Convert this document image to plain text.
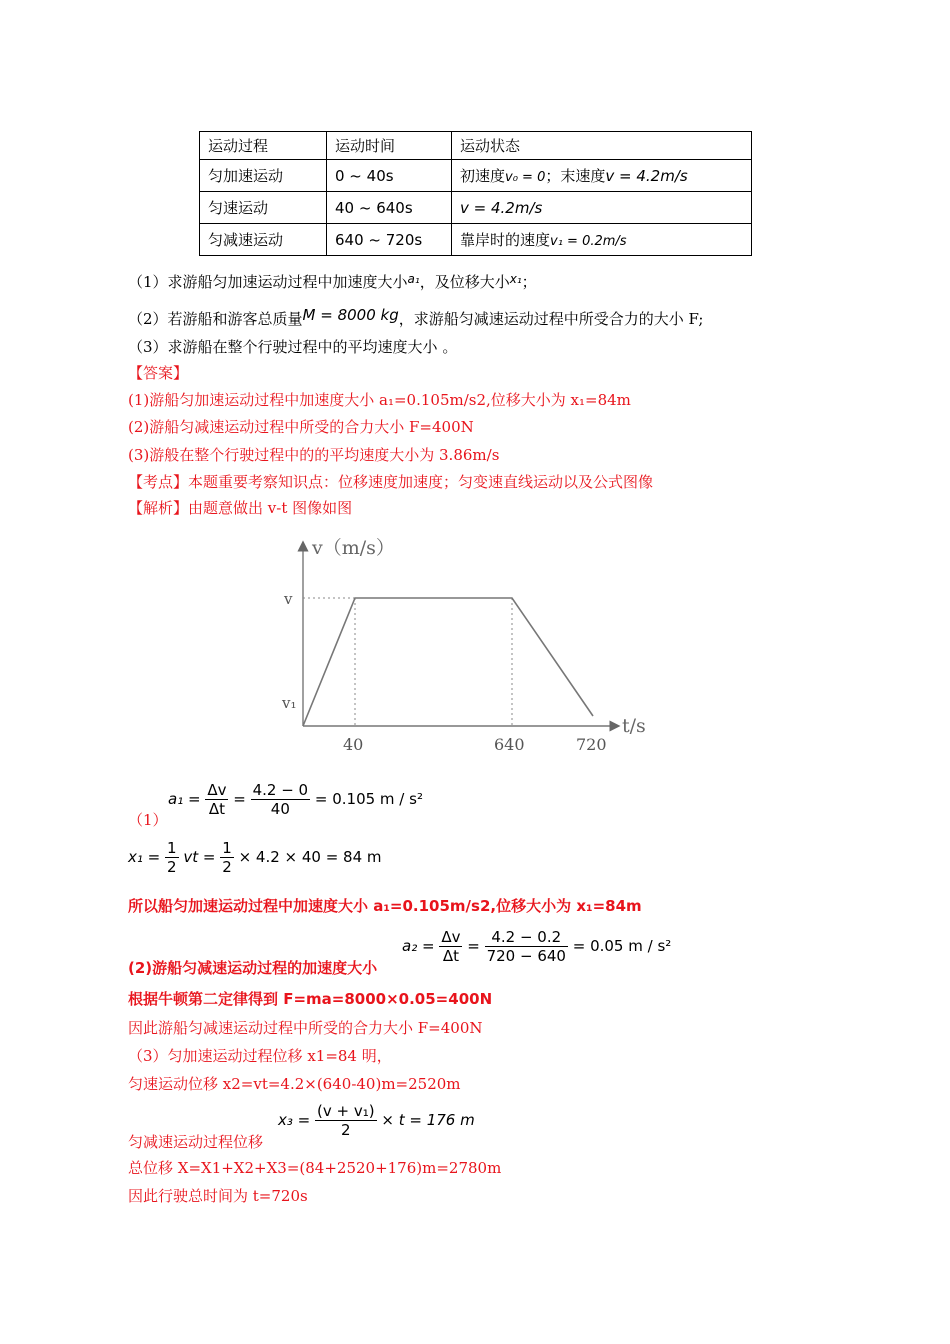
运动过程	运动时间	运动状态
匀加速运动	0 ~ 40s	初速度v₀ = 0；末速度v = 4.2m/s
匀速运动	40 ~ 640s	v = 4.2m/s
匀减速运动	640 ~ 720s	靠岸时的速度v₁ = 0.2m/s
（1）求游船匀加速运动过程中加速度大小$^{a_1}$，及位移大小$^{x_1}$；
（2）若游船和游客总质量M = 8000 kg，求游船匀减速运动过程中所受合力的大小 F;
（3）求游船在整个行驶过程中的平均速度大小 。
【答案】
(1)游船匀加速运动过程中加速度大小 a₁=0.105m/s2,位移大小为 x₁=84m
(2)游船匀减速运动过程中所受的合力大小 F=400N
(3)游般在整个行驶过程中的的平均速度大小为 3.86m/s
【考点】本题重要考察知识点：位移速度加速度；匀变速直线运动以及公式图像
【解析】由题意做出 v-t 图像如图
v（m/s）
t/s
v
v₁
40	640	720
（1）
$a_1 = \frac{\Delta v}{\Delta t} = \frac{4.2 - 0}{40} = 0.105$ m / s²
$x_1 = \frac{1}{2}$ vt = $\frac{1}{2} \times 4.2 \times 40 = 84$ m
所以船匀加速运动过程中加速度大小 a₁=0.105m/s2,位移大小为 x₁=84m
(2)游船匀减速运动过程的加速度大小
$a_2 = \frac{\Delta v}{\Delta t} = \frac{4.2 - 0.2}{720 - 640} = 0.05$ m / s²
根据牛顿第二定律得到 F=ma=8000×0.05=400N
因此游船匀减速运动过程中所受的合力大小 F=400N
（3）匀加速运动过程位移 x1=84 明，
匀速运动位移 x2=vt=4.2×(640-40)m=2520m
$x_3 = \frac{\text{(v + v₁)}}{2} \times t = 176$ m
匀减速运动过程位移
总位移 X=X1+X2+X3=(84+2520+176)m=2780m
因此行驶总时间为 t=720s
